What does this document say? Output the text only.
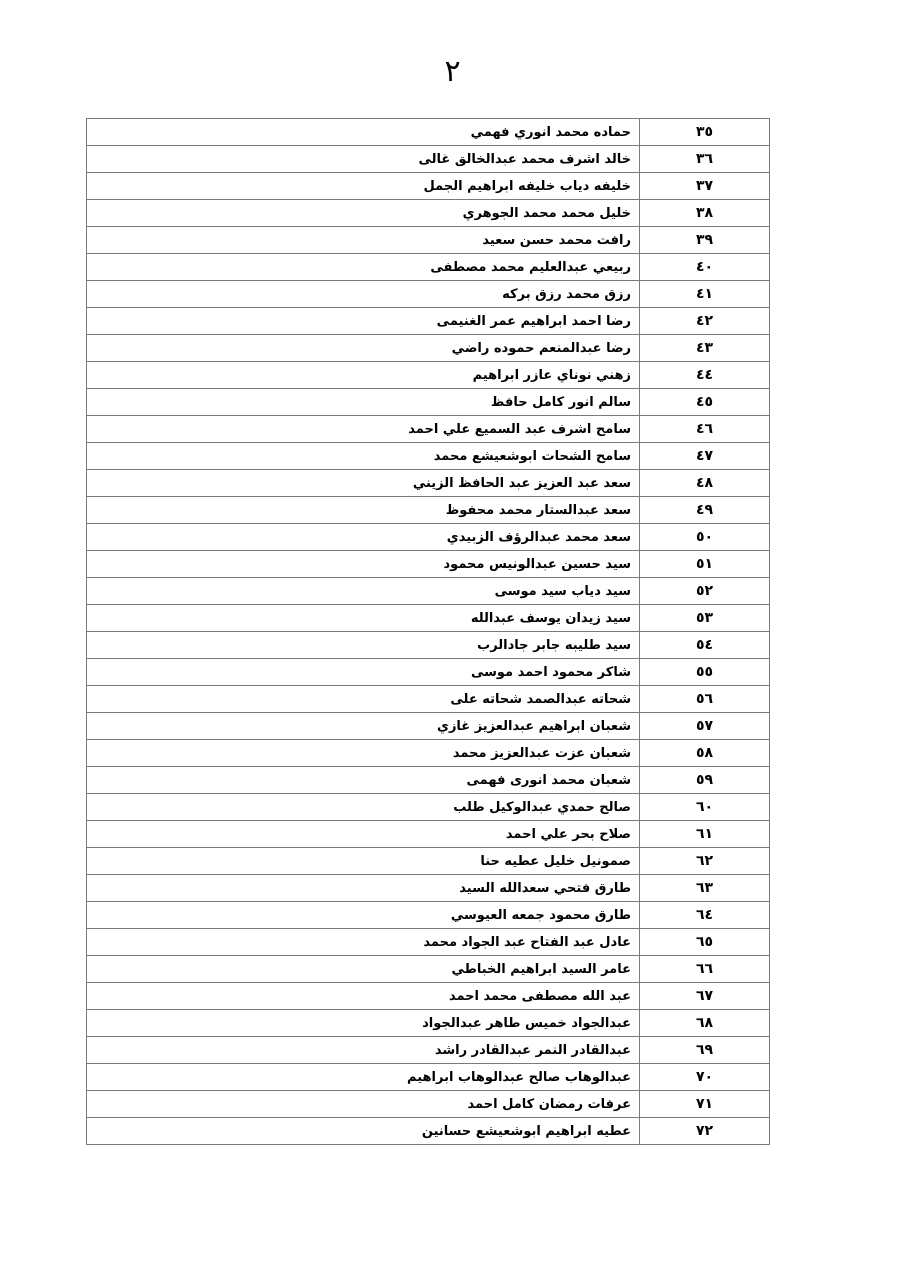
٢
٣٥	حماده محمد انوري فهمي
٣٦	خالد اشرف محمد عبدالخالق غالى
٣٧	خليفه دياب خليفه ابراهيم الجمل
٣٨	خليل محمد محمد الجوهري
٣٩	رافت محمد حسن سعيد
٤٠	ربيعي عبدالعليم محمد مصطفى
٤١	رزق محمد رزق بركه
٤٢	رضا احمد ابراهيم عمر الغنيمى
٤٣	رضا عبدالمنعم حموده راضي
٤٤	زهني نوناي عازر ابراهيم
٤٥	سالم انور كامل حافظ
٤٦	سامح اشرف عبد السميع علي احمد
٤٧	سامح الشحات ابوشعيشع محمد
٤٨	سعد عبد العزيز عبد الحافظ الزيني
٤٩	سعد عبدالستار محمد محفوظ
٥٠	سعد محمد عبدالرؤف الزبيدي
٥١	سيد حسين عبدالونيس محمود
٥٢	سيد دياب سيد موسى
٥٣	سيد زيدان يوسف عبدالله
٥٤	سيد طليبه جابر جادالرب
٥٥	شاكر محمود احمد موسى
٥٦	شحاته عبدالصمد شحاته على
٥٧	شعبان ابراهيم عبدالعزيز غازي
٥٨	شعبان عزت عبدالعزيز محمد
٥٩	شعبان محمد انورى فهمى
٦٠	صالح حمدي عبدالوكيل طلب
٦١	صلاح بحر علي احمد
٦٢	صمونيل خليل عطيه حنا
٦٣	طارق فتحي سعدالله السيد
٦٤	طارق محمود جمعه العيوسي
٦٥	عادل عبد الفتاح عبد الجواد محمد
٦٦	عامر السيد ابراهيم الخباطي
٦٧	عبد الله مصطفى محمد احمد
٦٨	عبدالجواد خميس طاهر عبدالجواد
٦٩	عبدالقادر النمر عبدالقادر راشد
٧٠	عبدالوهاب صالح عبدالوهاب ابراهيم
٧١	عرفات رمضان كامل احمد
٧٢	عطيه ابراهيم ابوشعيشع حسانين
